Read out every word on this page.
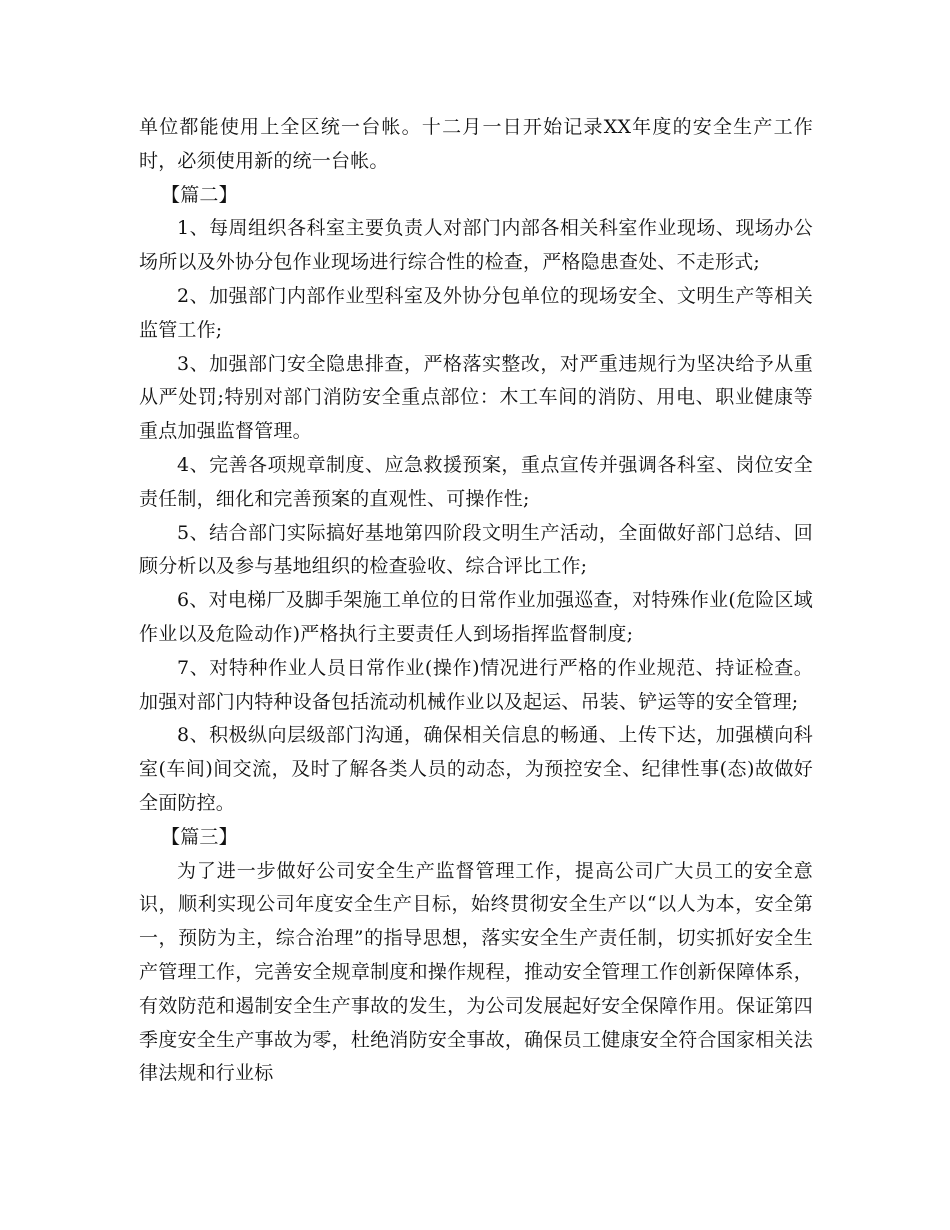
单位都能使用上全区统一台帐。十二月一日开始记录XX年度的安全生产工作时，必须使用新的统一台帐。

【篇二】

1、每周组织各科室主要负责人对部门内部各相关科室作业现场、现场办公场所以及外协分包作业现场进行综合性的检查，严格隐患查处、不走形式;

2、加强部门内部作业型科室及外协分包单位的现场安全、文明生产等相关监管工作;

3、加强部门安全隐患排查，严格落实整改，对严重违规行为坚决给予从重从严处罚;特别对部门消防安全重点部位：木工车间的消防、用电、职业健康等重点加强监督管理。

4、完善各项规章制度、应急救援预案，重点宣传并强调各科室、岗位安全责任制，细化和完善预案的直观性、可操作性;

5、结合部门实际搞好基地第四阶段文明生产活动，全面做好部门总结、回顾分析以及参与基地组织的检查验收、综合评比工作;

6、对电梯厂及脚手架施工单位的日常作业加强巡查，对特殊作业(危险区域作业以及危险动作)严格执行主要责任人到场指挥监督制度;

7、对特种作业人员日常作业(操作)情况进行严格的作业规范、持证检查。加强对部门内特种设备包括流动机械作业以及起运、吊装、铲运等的安全管理;

8、积极纵向层级部门沟通，确保相关信息的畅通、上传下达，加强横向科室(车间)间交流，及时了解各类人员的动态，为预控安全、纪律性事(态)故做好全面防控。

【篇三】

为了进一步做好公司安全生产监督管理工作，提高公司广大员工的安全意识，顺利实现公司年度安全生产目标，始终贯彻安全生产以“以人为本，安全第一，预防为主，综合治理”的指导思想，落实安全生产责任制，切实抓好安全生产管理工作，完善安全规章制度和操作规程，推动安全管理工作创新保障体系，有效防范和遏制安全生产事故的发生，为公司发展起好安全保障作用。保证第四季度安全生产事故为零，杜绝消防安全事故，确保员工健康安全符合国家相关法律法规和行业标
